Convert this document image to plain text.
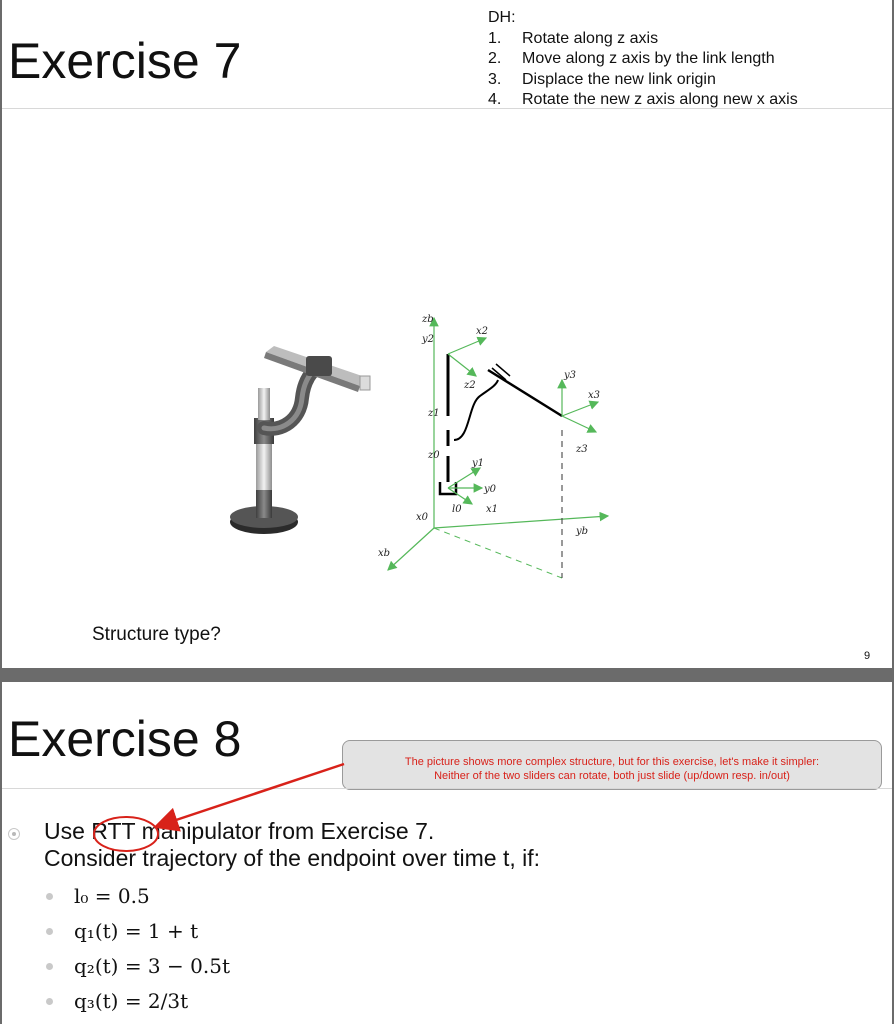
Exercise 7
DH:
1.	Rotate along z axis
2.	Move along z axis by the link length
3.	Displace the new link origin
4.	Rotate the new z axis along new x axis
zb
y2
x2
z2
z1
z0
y1
y0
l0 x1
x0
xb
y3
x3
z3
yb
Structure type?
9
Exercise 8	The picture shows more complex structure, but for this exercise, let's make it simpler:
Neither of the two sliders can rotate, both just slide (up/down resp. in/out)
Use RTT manipulator from Exercise 7.
Consider trajectory of the endpoint over time t, if:
l₀ = 0.5
q₁(t) = 1 + t
q₂(t) = 3 − 0.5t
q₃(t) = 2/3t
